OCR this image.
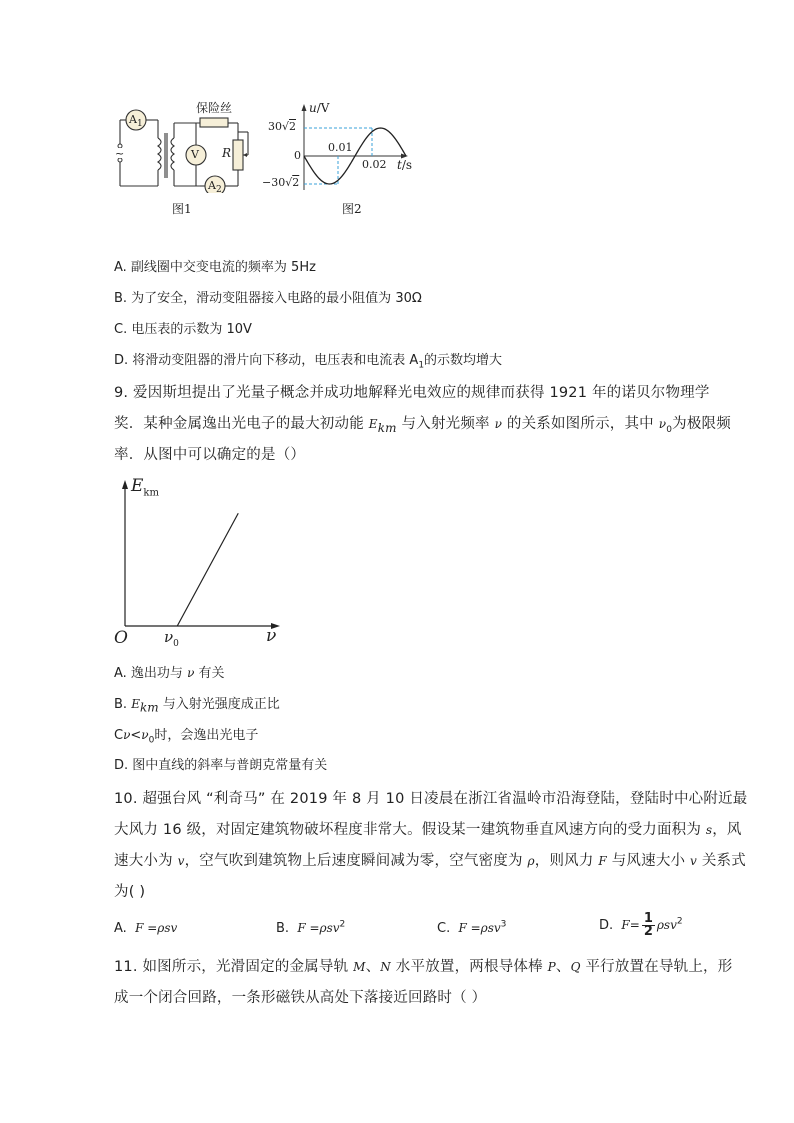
保险丝
$A_1$
V
$A_2$
R
~
图1
u/V
30√2
0
−30√2
0.01
0.02 t/s
图2
A. 副线圈中交变电流的频率为 5Hz
B. 为了安全，滑动变阻器接入电路的最小阻值为 30Ω
C. 电压表的示数为 10V
D. 将滑动变阻器的滑片向下移动，电压表和电流表 $A_1$的示数均增大
9. 爱因斯坦提出了光量子概念并成功地解释光电效应的规律而获得 1921 年的诺贝尔物理学
奖．某种金属逸出光电子的最大初动能 $E_{km}$ 与入射光频率 ν 的关系如图所示，其中 $\nu_0$为极限频
率．从图中可以确定的是（）
$E_{km}$
O $\nu_0$	ν
A. 逸出功与 ν 有关
B. $E_{km}$ 与入射光强度成正比
$C\nu<\nu_0$时，会逸出光电子
D. 图中直线的斜率与普朗克常量有关
10. 超强台风 “利奇马” 在 2019 年 8 月 10 日凌晨在浙江省温岭市沿海登陆，登陆时中心附近最
大风力 16 级，对固定建筑物破坏程度非常大。假设某一建筑物垂直风速方向的受力面积为 s，风
速大小为 v，空气吹到建筑物上后速度瞬间减为零，空气密度为 ρ，则风力 F 与风速大小 v 关系式
为( )
A. F =ρsv	B. F =ρsv$^2$	C. F =ρsv$^3$	D. $F= \frac{1}{2} \rho sv^2$
11. 如图所示，光滑固定的金属导轨 M、N 水平放置，两根导体棒 P、Q 平行放置在导轨上，形
成一个闭合回路，一条形磁铁从高处下落接近回路时（ ）
